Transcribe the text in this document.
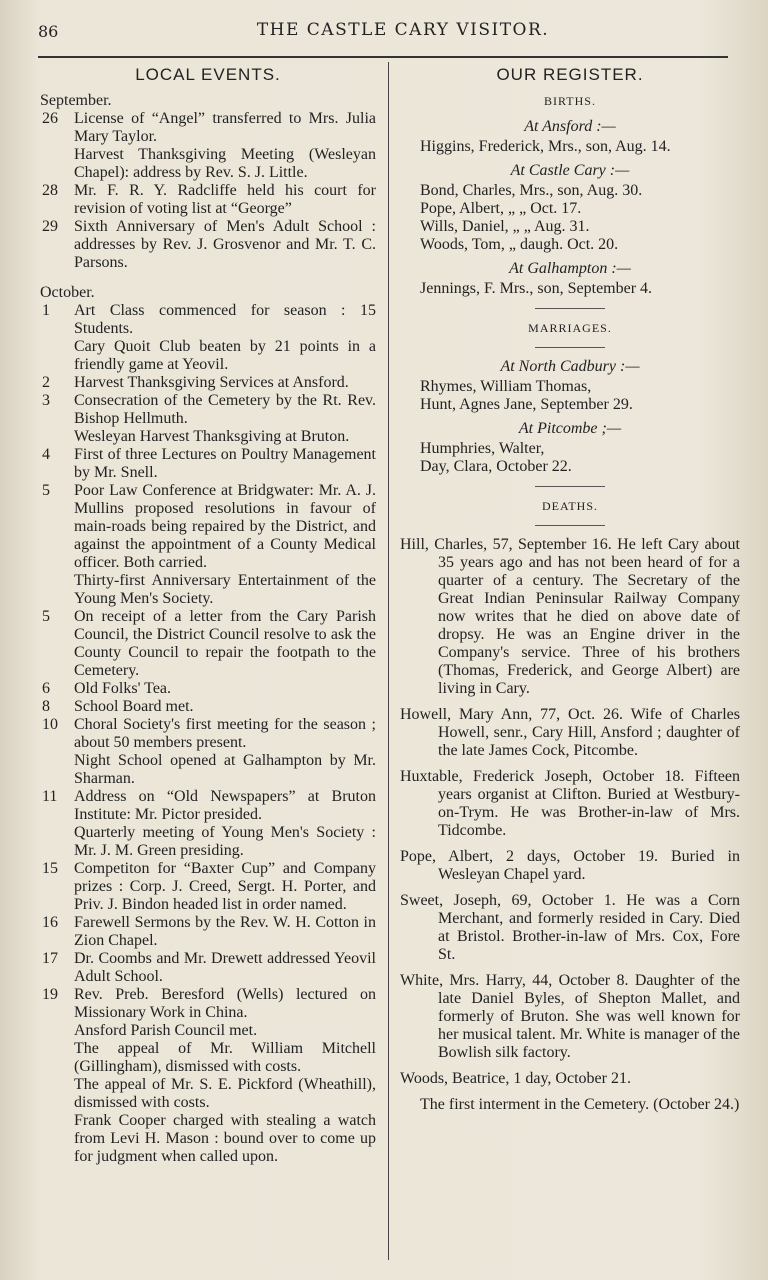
86	THE CASTLE CARY VISITOR.
LOCAL EVENTS.
September.
26	License of “Angel” transferred to Mrs. Julia Mary Taylor.
Harvest Thanksgiving Meeting (Wesleyan Chapel): address by Rev. S. J. Little.
28	Mr. F. R. Y. Radcliffe held his court for revision of voting list at “George”
29	Sixth Anniversary of Men's Adult School : addresses by Rev. J. Grosvenor and Mr. T. C. Parsons.
October.
1	Art Class commenced for season : 15 Students.
Cary Quoit Club beaten by 21 points in a friendly game at Yeovil.
2	Harvest Thanksgiving Services at Ansford.
3	Consecration of the Cemetery by the Rt. Rev. Bishop Hellmuth.
Wesleyan Harvest Thanksgiving at Bruton.
4	First of three Lectures on Poultry Management by Mr. Snell.
5	Poor Law Conference at Bridgwater: Mr. A. J. Mullins proposed resolutions in favour of main-roads being repaired by the District, and against the appointment of a County Medical officer. Both carried.
Thirty-first Anniversary Entertainment of the Young Men's Society.
5	On receipt of a letter from the Cary Parish Council, the District Council resolve to ask the County Council to repair the footpath to the Cemetery.
6	Old Folks' Tea.
8	School Board met.
10	Choral Society's first meeting for the season ; about 50 members present.
Night School opened at Galhampton by Mr. Sharman.
11	Address on “Old Newspapers” at Bruton Institute: Mr. Pictor presided.
Quarterly meeting of Young Men's Society : Mr. J. M. Green presiding.
15	Competiton for “Baxter Cup” and Company prizes : Corp. J. Creed, Sergt. H. Porter, and Priv. J. Bindon headed list in order named.
16	Farewell Sermons by the Rev. W. H. Cotton in Zion Chapel.
17	Dr. Coombs and Mr. Drewett addressed Yeovil Adult School.
19	Rev. Preb. Beresford (Wells) lectured on Missionary Work in China.
Ansford Parish Council met.
The appeal of Mr. William Mitchell (Gillingham), dismissed with costs.
The appeal of Mr. S. E. Pickford (Wheathill), dismissed with costs.
Frank Cooper charged with stealing a watch from Levi H. Mason : bound over to come up for judgment when called upon.
OUR REGISTER.
BIRTHS.
At Ansford :—
Higgins, Frederick, Mrs., son, Aug. 14.
At Castle Cary :—
Bond, Charles, Mrs., son, Aug. 30.
Pope, Albert, „ „ Oct. 17.
Wills, Daniel, „ „ Aug. 31.
Woods, Tom, „ daugh. Oct. 20.
At Galhampton :—
Jennings, F. Mrs., son, September 4.
MARRIAGES.
At North Cadbury :—
Rhymes, William Thomas,
Hunt, Agnes Jane, September 29.
At Pitcombe ;—
Humphries, Walter,
Day, Clara, October 22.
DEATHS.
Hill, Charles, 57, September 16. He left Cary about 35 years ago and has not been heard of for a quarter of a century. The Secretary of the Great Indian Peninsular Railway Company now writes that he died on above date of dropsy. He was an Engine driver in the Company's service. Three of his brothers (Thomas, Frederick, and George Albert) are living in Cary.
Howell, Mary Ann, 77, Oct. 26. Wife of Charles Howell, senr., Cary Hill, Ansford ; daughter of the late James Cock, Pitcombe.
Huxtable, Frederick Joseph, October 18. Fifteen years organist at Clifton. Buried at Westbury-on-Trym. He was Brother-in-law of Mrs. Tidcombe.
Pope, Albert, 2 days, October 19. Buried in Wesleyan Chapel yard.
Sweet, Joseph, 69, October 1. He was a Corn Merchant, and formerly resided in Cary. Died at Bristol. Brother-in-law of Mrs. Cox, Fore St.
White, Mrs. Harry, 44, October 8. Daughter of the late Daniel Byles, of Shepton Mallet, and formerly of Bruton. She was well known for her musical talent. Mr. White is manager of the Bowlish silk factory.
Woods, Beatrice, 1 day, October 21.
The first interment in the Cemetery. (October 24.)
